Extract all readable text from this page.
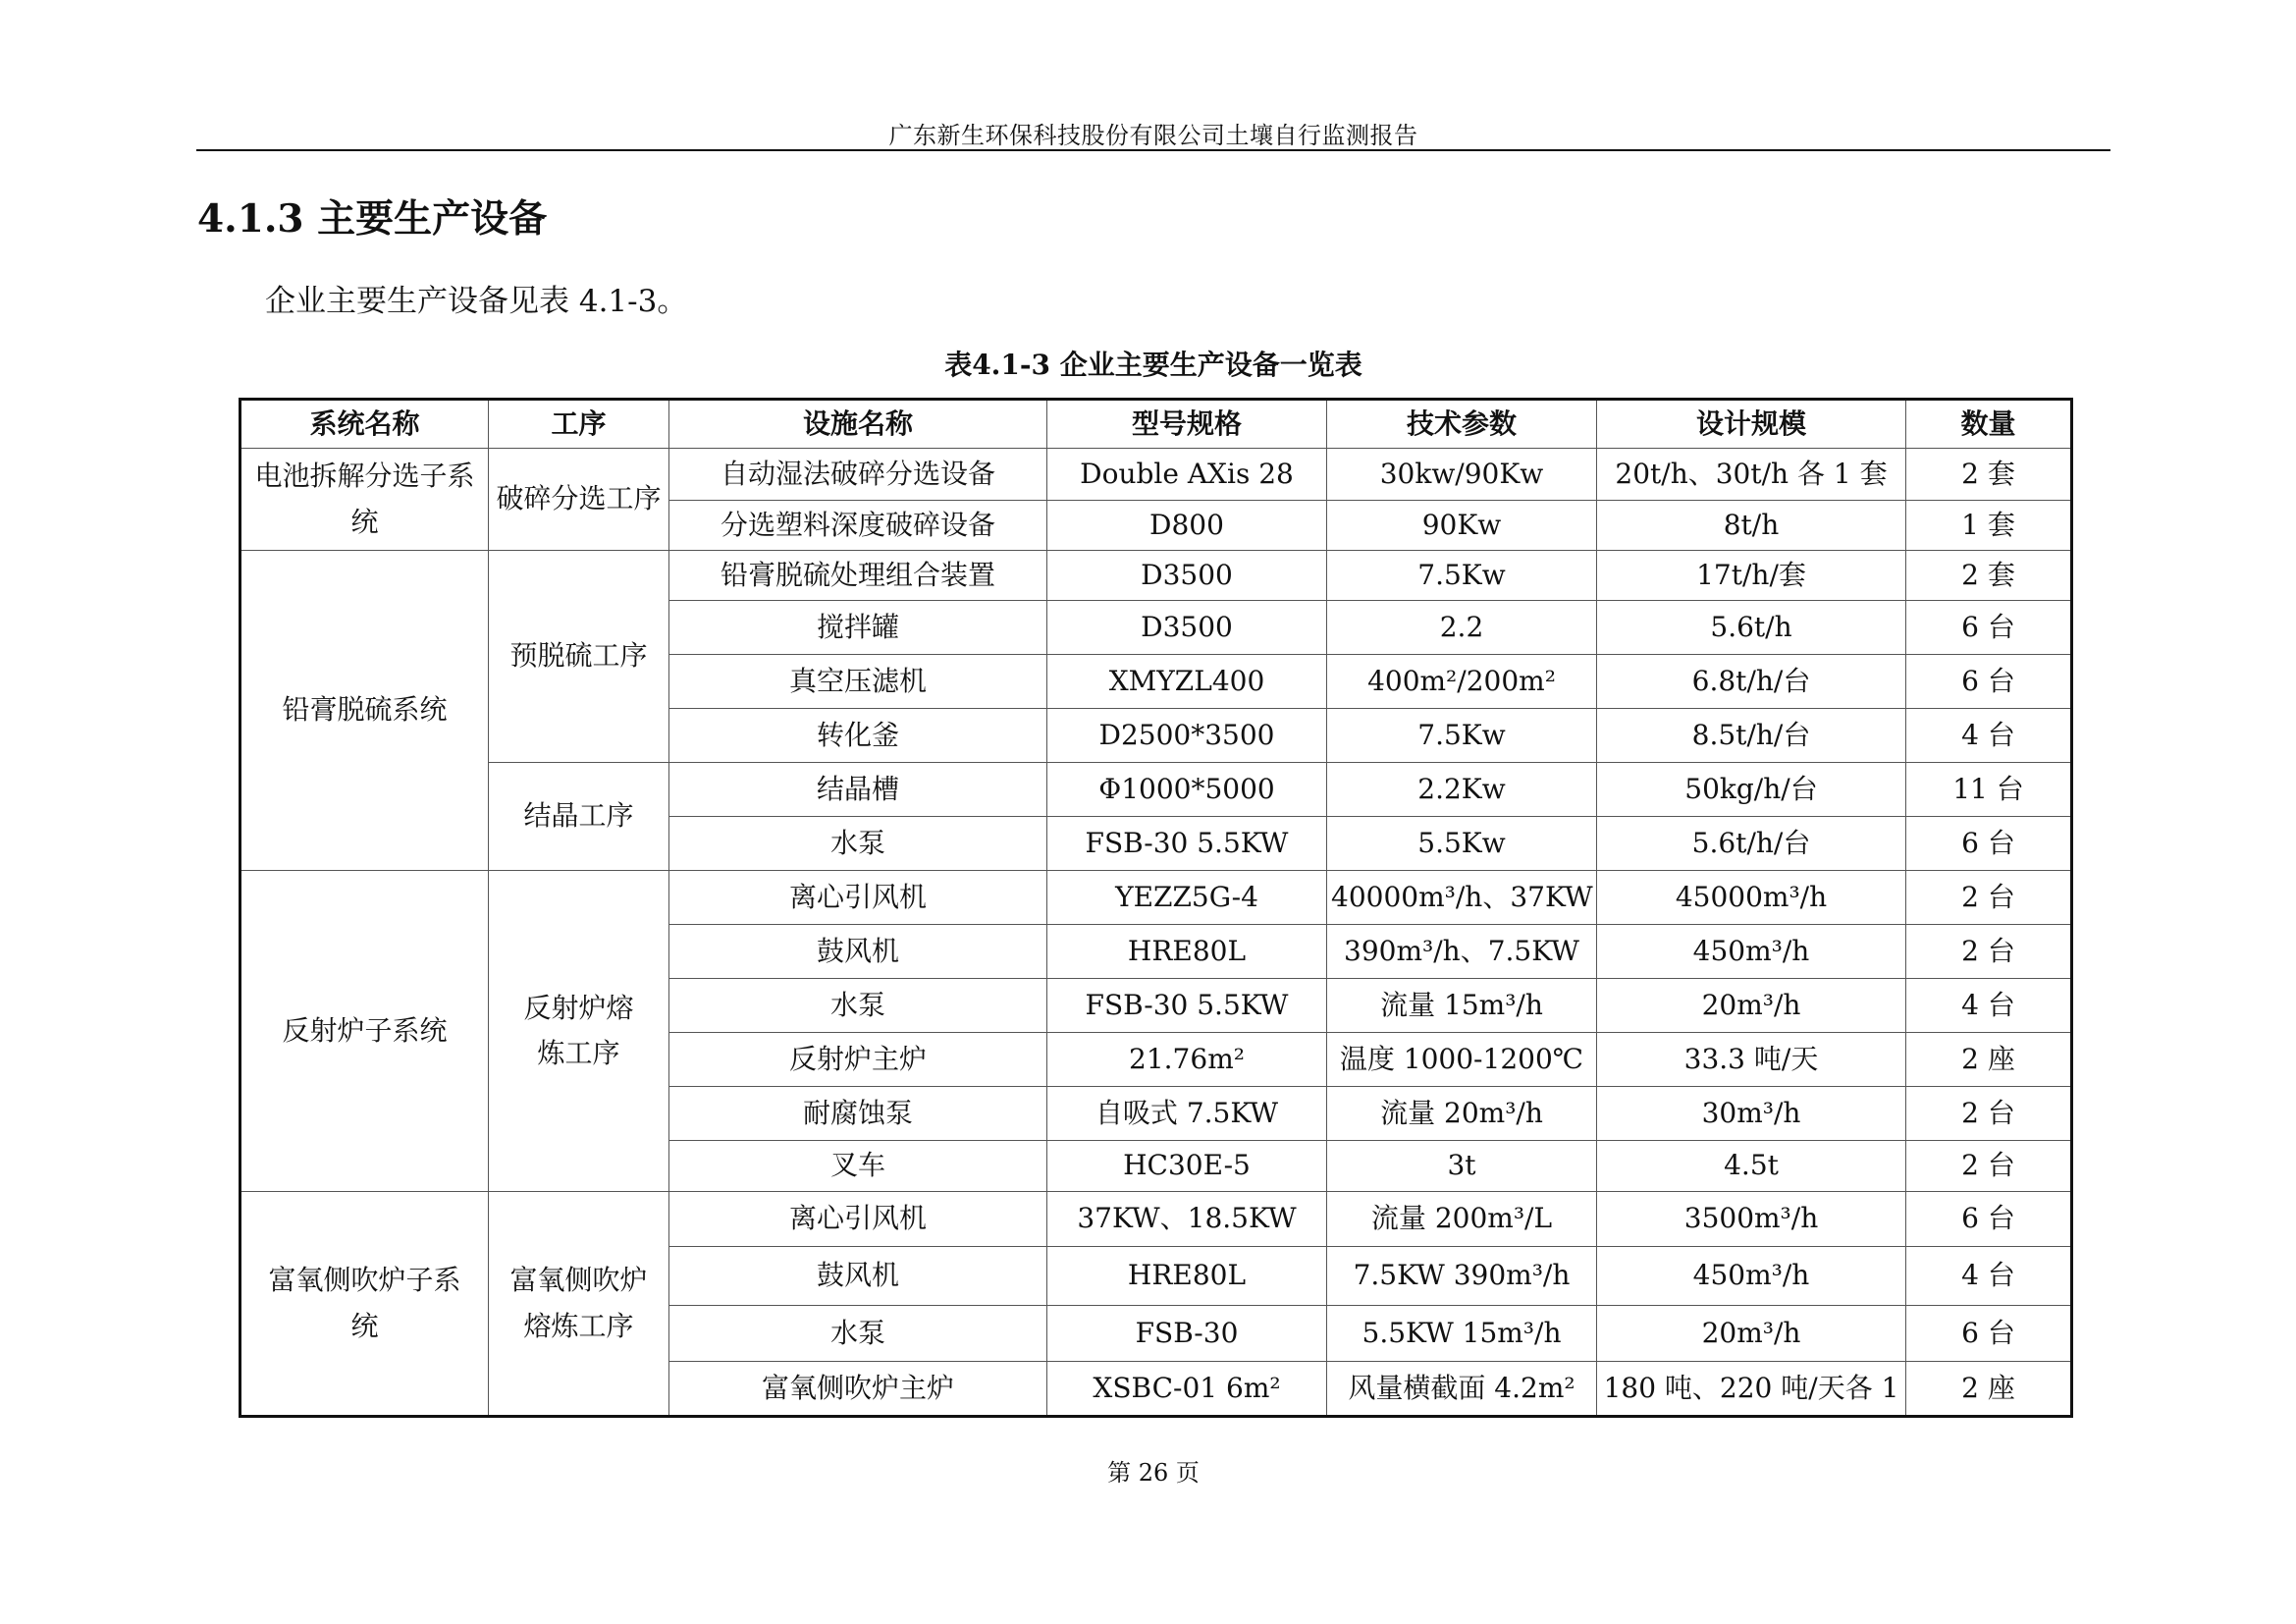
广东新生环保科技股份有限公司土壤自行监测报告
4.1.3 主要生产设备
企业主要生产设备见表 4.1-3。
表4.1-3 企业主要生产设备一览表
系统名称	工序	设施名称	型号规格	技术参数	设计规模	数量
电池拆解分选子系统	破碎分选工序	自动湿法破碎分选设备	Double AXis 28	30kw/90Kw	20t/h、30t/h 各 1 套	2 套
		分选塑料深度破碎设备	D800	90Kw	8t/h	1 套
铅膏脱硫系统	预脱硫工序	铅膏脱硫处理组合装置	D3500	7.5Kw	17t/h/套	2 套
		搅拌罐	D3500	2.2	5.6t/h	6 台
		真空压滤机	XMYZL400	400m²/200m²	6.8t/h/台	6 台
		转化釜	D2500*3500	7.5Kw	8.5t/h/台	4 台
	结晶工序	结晶槽	Φ1000*5000	2.2Kw	50kg/h/台	11 台
		水泵	FSB-30 5.5KW	5.5Kw	5.6t/h/台	6 台
反射炉子系统	反射炉熔炼工序	离心引风机	YEZZ5G-4	40000m³/h、37KW	45000m³/h	2 台
		鼓风机	HRE80L	390m³/h、7.5KW	450m³/h	2 台
		水泵	FSB-30 5.5KW	流量 15m³/h	20m³/h	4 台
		反射炉主炉	21.76m²	温度 1000-1200℃	33.3 吨/天	2 座
		耐腐蚀泵	自吸式 7.5KW	流量 20m³/h	30m³/h	2 台
		叉车	HC30E-5	3t	4.5t	2 台
富氧侧吹炉子系统	富氧侧吹炉熔炼工序	离心引风机	37KW、18.5KW	流量 200m³/L	3500m³/h	6 台
		鼓风机	HRE80L	7.5KW 390m³/h	450m³/h	4 台
		水泵	FSB-30	5.5KW 15m³/h	20m³/h	6 台
		富氧侧吹炉主炉	XSBC-01 6m²	风量横截面 4.2m²	180 吨、220 吨/天各 1	2 座
第 26 页
